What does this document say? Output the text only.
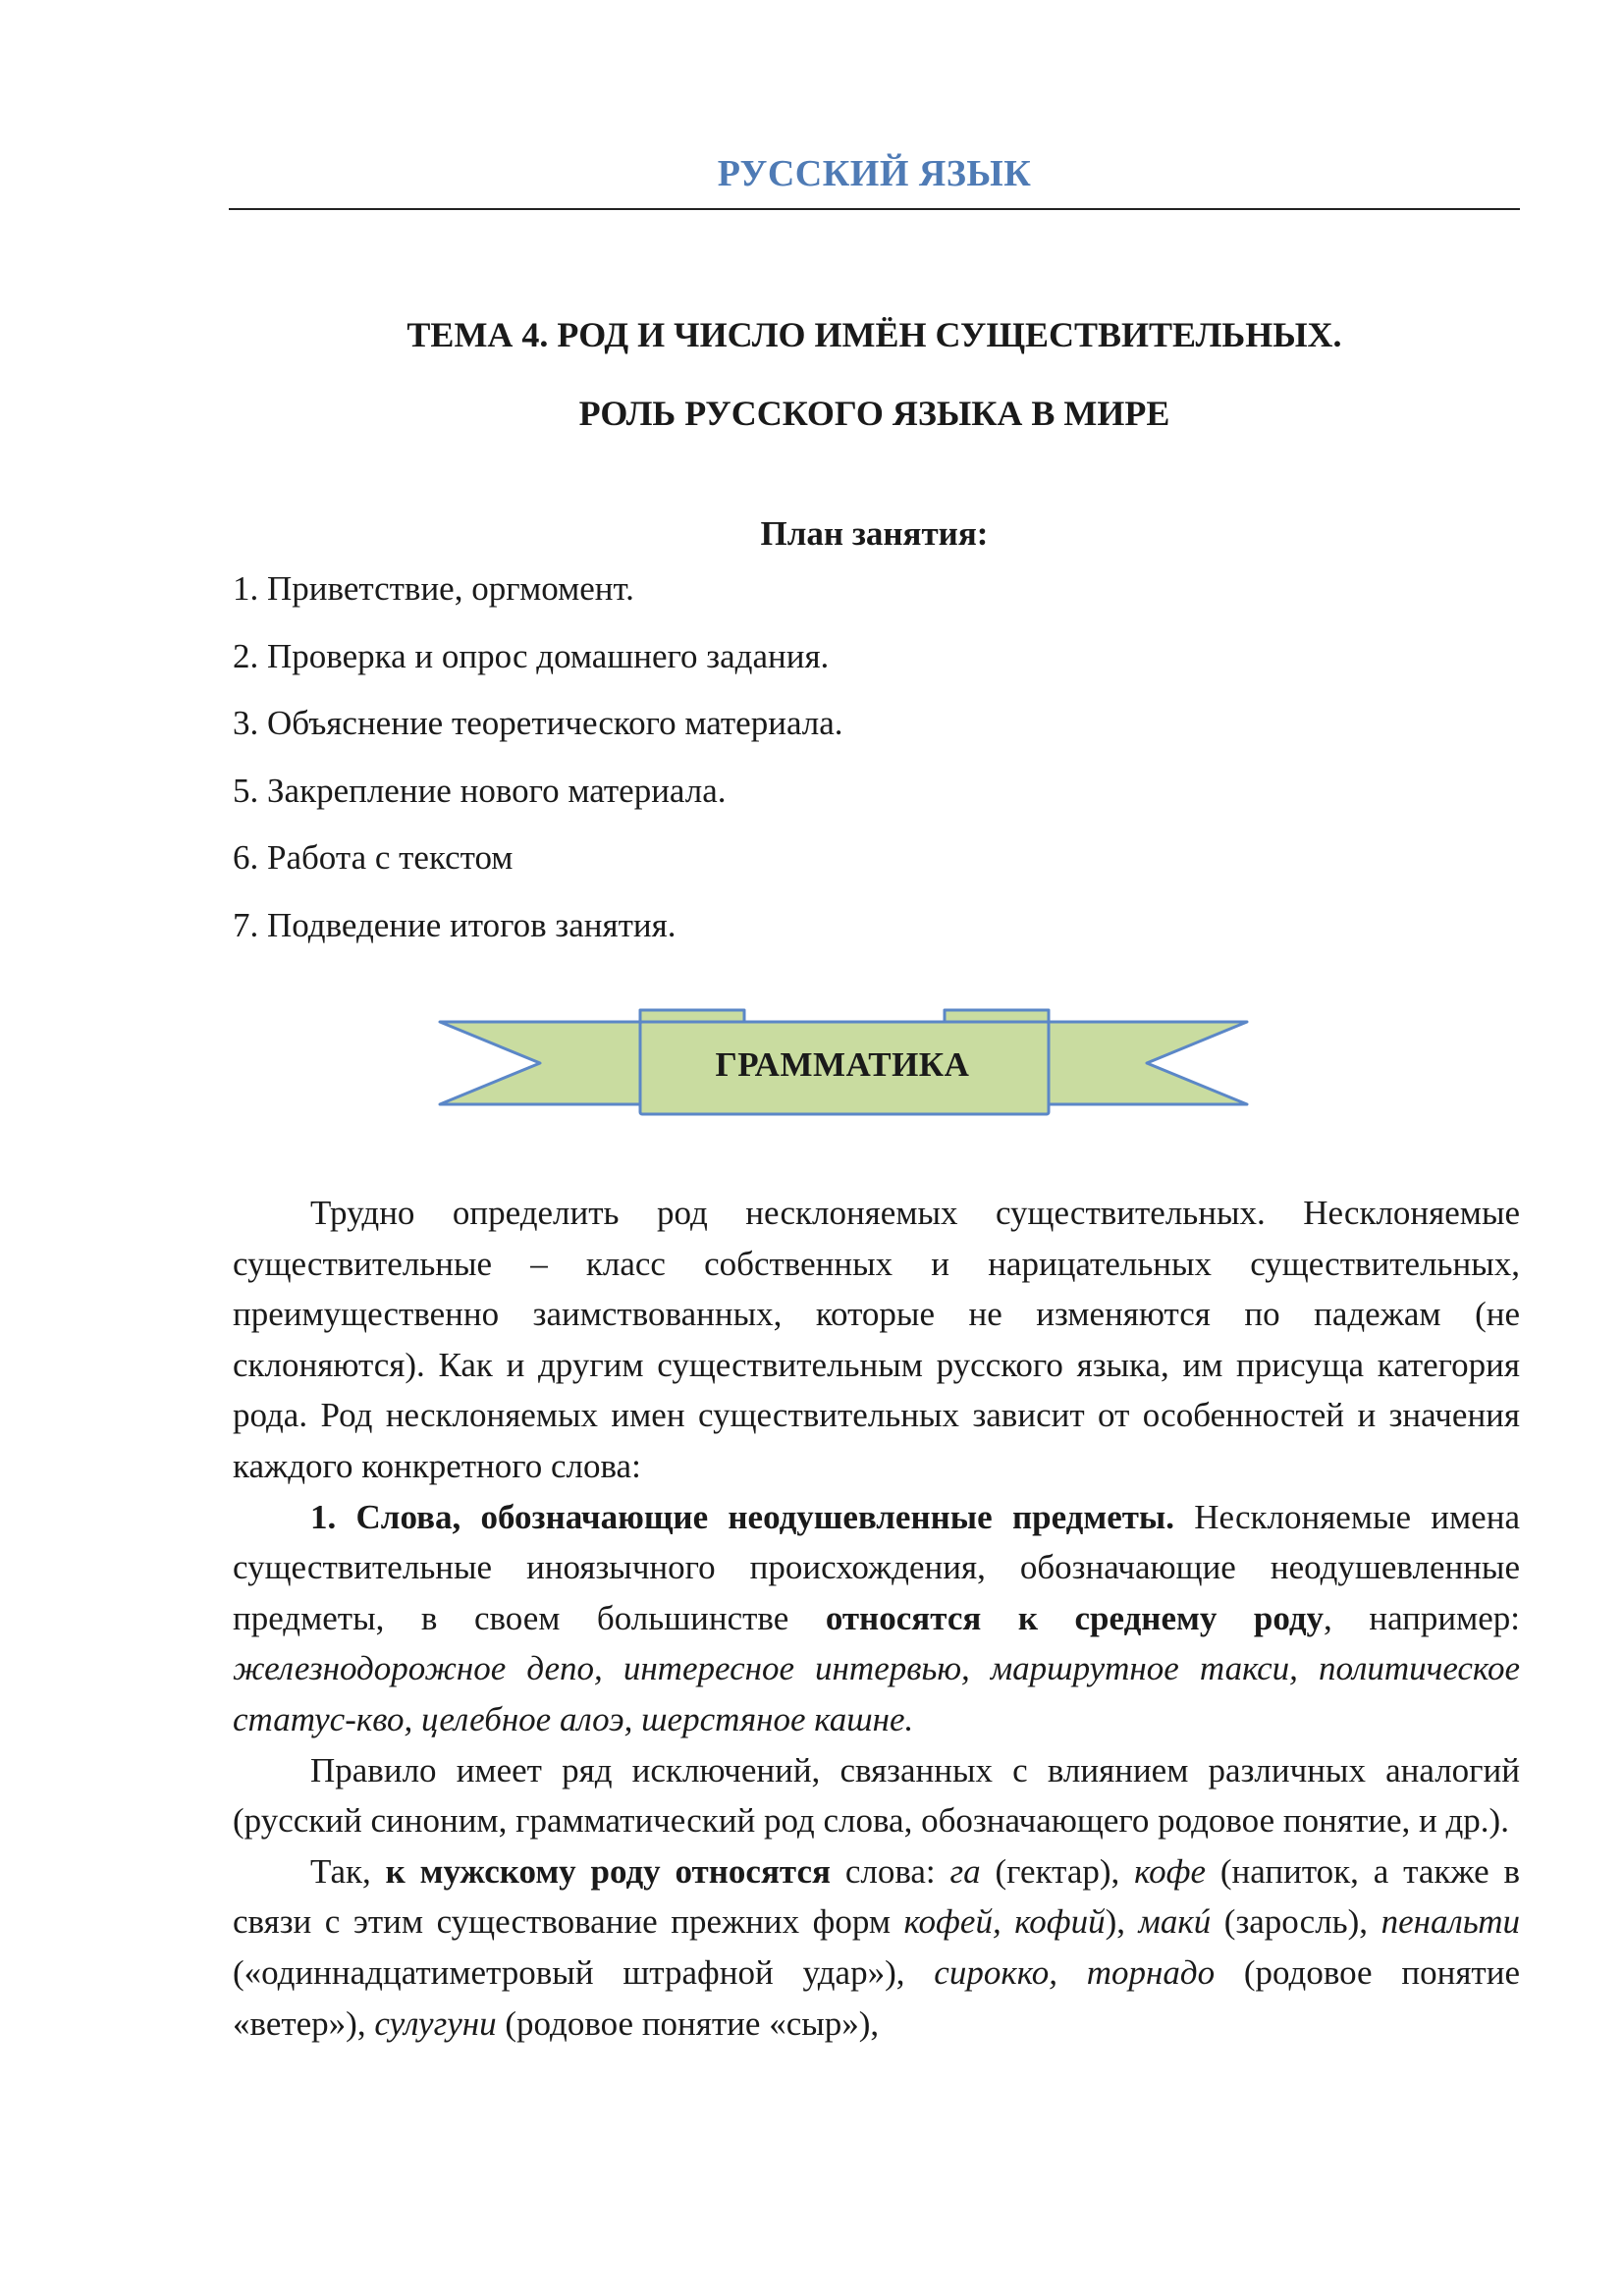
РУССКИЙ ЯЗЫК
ТЕМА 4. РОД И ЧИСЛО ИМЁН СУЩЕСТВИТЕЛЬНЫХ.
РОЛЬ РУССКОГО ЯЗЫКА В МИРЕ
План занятия:
1. Приветствие, оргмомент.
2. Проверка и опрос домашнего задания.
3. Объяснение теоретического материала.
5. Закрепление нового материала.
6. Работа с текстом
7. Подведение итогов занятия.
ГРАММАТИКА

Трудно определить род несклоняемых существительных. Несклоняемые существительные – класс собственных и нарицательных существительных, преимущественно заимствованных, которые не изменяются по падежам (не склоняются). Как и другим существительным русского языка, им присуща категория рода. Род несклоняемых имен существительных зависит от особенностей и значения каждого конкретного слова:

1. Слова, обозначающие неодушевленные предметы. Несклоняемые имена существительные иноязычного происхождения, обозначающие неодушевленные предметы, в своем большинстве относятся к среднему роду, например: железнодорожное депо, интересное интервью, маршрутное такси, политическое статус-кво, целебное алоэ, шерстяное кашне.

Правило имеет ряд исключений, связанных с влиянием различных аналогий (русский синоним, грамматический род слова, обозначающего родовое понятие, и др.).

Так, к мужскому роду относятся слова: га (гектар), кофе (напиток, а также в связи с этим существование прежних форм кофей, кофий), макú (заросль), пенальти («одиннадцатиметровый штрафной удар»), сирокко, торнадо (родовое понятие «ветер»), сулугуни (родовое понятие «сыр»),
